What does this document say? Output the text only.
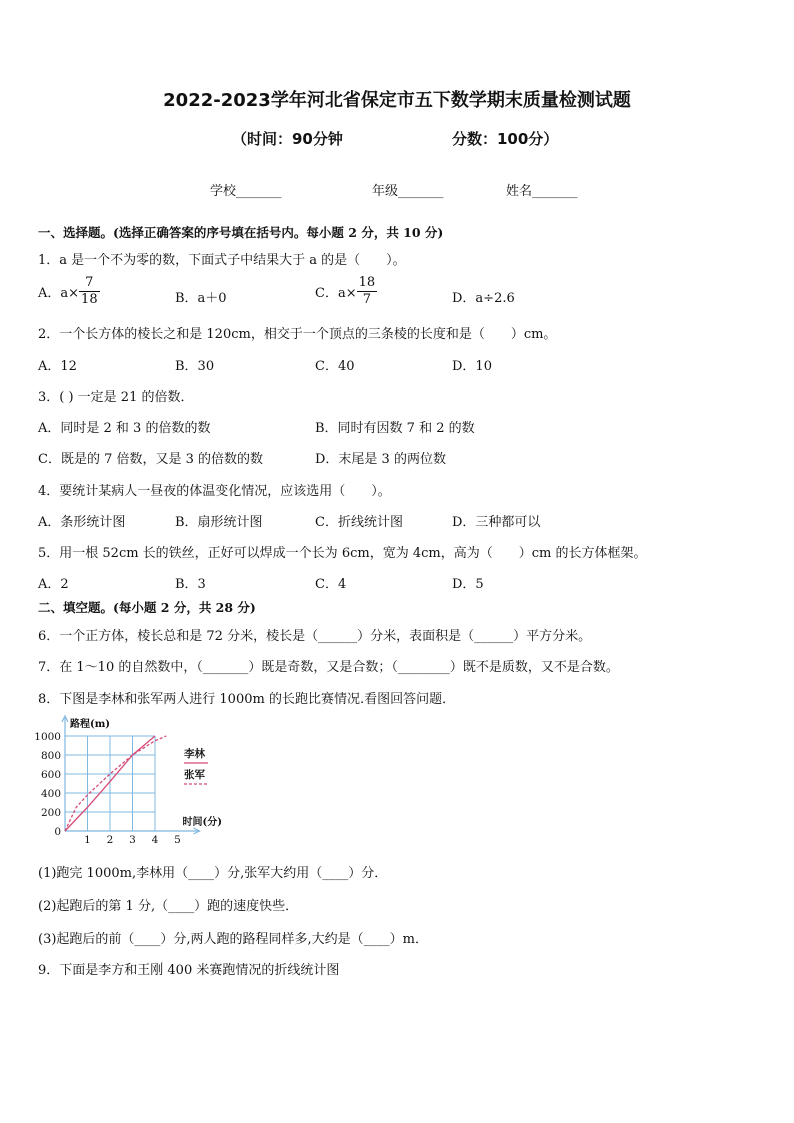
2022-2023学年河北省保定市五下数学期末质量检测试题
（时间：90分钟	分数：100分）
学校_______	年级_______	姓名_______
一、选择题。(选择正确答案的序号填在括号内。每小题 2 分，共 10 分)
1．a 是一个不为零的数，下面式子中结果大于 a 的是（　　）。
A．$a\times \frac{7}{18}$	B．a＋0	C．$a\times \frac{18}{7}$	D．a÷2.6
2．一个长方体的棱长之和是 120cm，相交于一个顶点的三条棱的长度和是（　　）cm。
A．12	B．30	C．40	D．10
3．( ) 一定是 21 的倍数．
A．同时是 2 和 3 的倍数的数	B．同时有因数 7 和 2 的数
C．既是的 7 倍数，又是 3 的倍数的数	D．末尾是 3 的两位数
4．要统计某病人一昼夜的体温变化情况，应该选用（　　）。
A．条形统计图	B．扇形统计图	C．折线统计图	D．三种都可以
5．用一根 52cm 长的铁丝，正好可以焊成一个长为 6cm，宽为 4cm，高为（　　）cm 的长方体框架。
A．2	B．3	C．4	D．5
二、填空题。(每小题 2 分，共 28 分)
6．一个正方体，棱长总和是 72 分米，棱长是（______）分米，表面积是（______）平方分米。
7．在 1～10 的自然数中，（_______）既是奇数，又是合数；（________）既不是质数，又不是合数。
8．下图是李林和张军两人进行 1000m 的长跑比赛情况.看图回答问题．
0
200
400
600
800
1000
1 2 3 4 5
路程(m)
时间(分)
李林
张军
(1)跑完 1000m,李林用（____）分,张军大约用（____）分．
(2)起跑后的第 1 分,（____）跑的速度快些．
(3)起跑后的前（____）分,两人跑的路程同样多,大约是（____）m．
9．下面是李方和王刚 400 米赛跑情况的折线统计图
